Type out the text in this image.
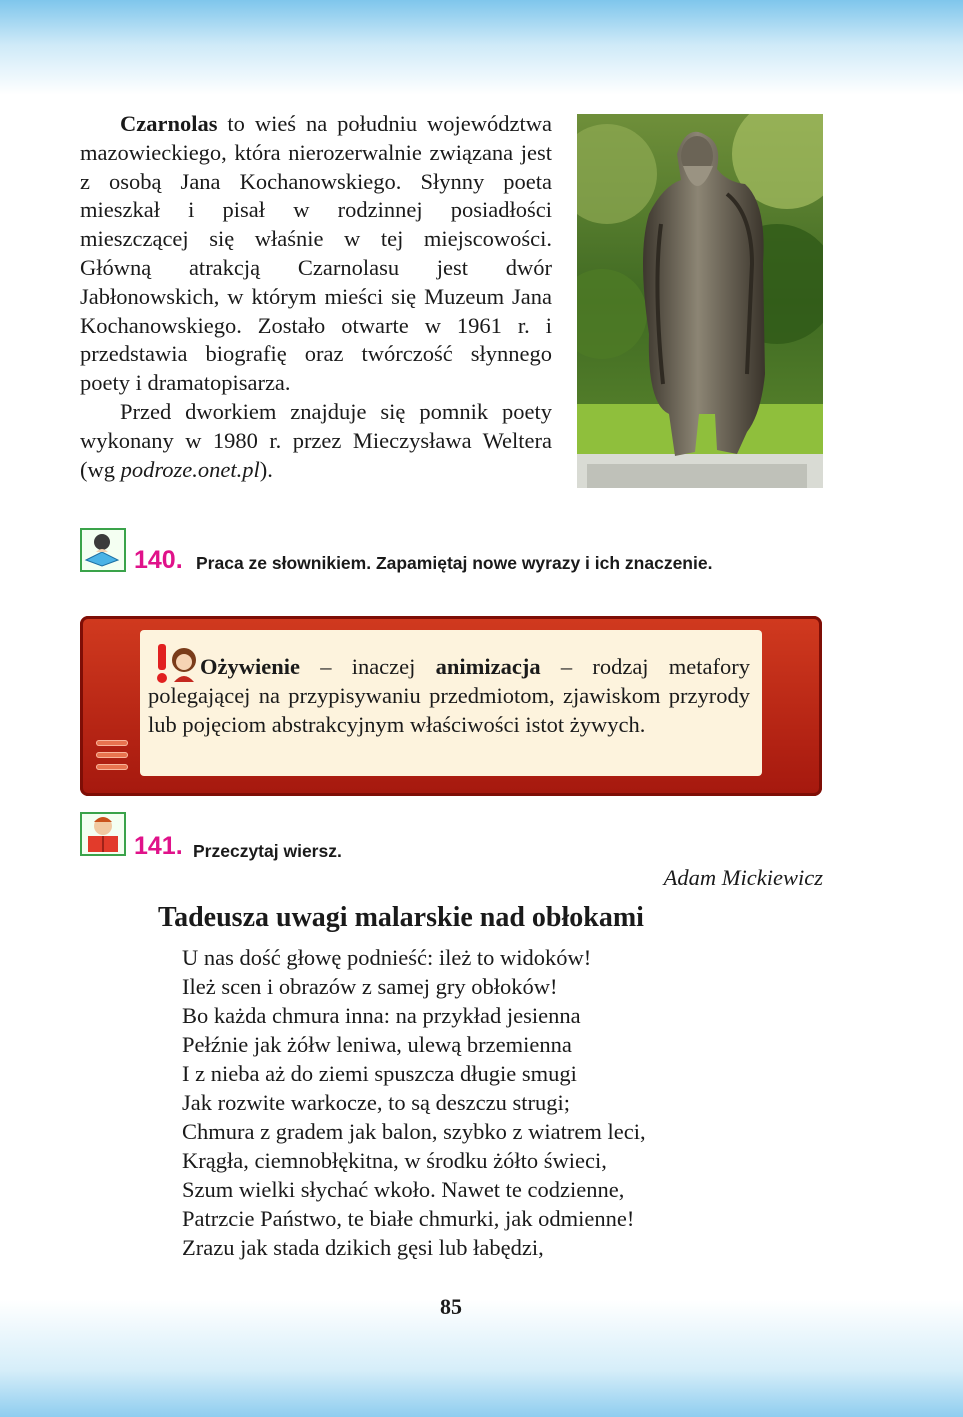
Czarnolas to wieś na południu województwa mazowieckiego, która nierozerwalnie związana jest z osobą Jana Kochanowskiego. Słynny poeta mieszkał i pisał w rodzinnej posiadłości mieszczącej się właśnie w tej miejscowości. Główną atrakcją Czarnolasu jest dwór Jabłonowskich, w którym mieści się Muzeum Jana Kochanowskiego. Zostało otwarte w 1961 r. i przedstawia biografię oraz twórczość słynnego poety i dramatopisarza.

Przed dworkiem znajduje się pomnik poety wykonany w 1980 r. przez Mieczysława Weltera (wg podroze.onet.pl).

140. Praca ze słownikiem. Zapamiętaj nowe wyrazy i ich znaczenie.

Ożywienie – inaczej animizacja – rodzaj metafory polegającej na przypisywaniu przedmiotom, zjawiskom przyrody lub pojęciom abstrakcyjnym właściwości istot żywych.

141. Przeczytaj wiersz.
Adam Mickiewicz
Tadeusza uwagi malarskie nad obłokami
U nas dość głowę podnieść: ileż to widoków!
Ileż scen i obrazów z samej gry obłoków!
Bo każda chmura inna: na przykład jesienna
Pełźnie jak żółw leniwa, ulewą brzemienna
I z nieba aż do ziemi spuszcza długie smugi
Jak rozwite warkocze, to są deszczu strugi;
Chmura z gradem jak balon, szybko z wiatrem leci,
Krągła, ciemnobłękitna, w środku żółto świeci,
Szum wielki słychać wkoło. Nawet te codzienne,
Patrzcie Państwo, te białe chmurki, jak odmienne!
Zrazu jak stada dzikich gęsi lub łabędzi,
85
